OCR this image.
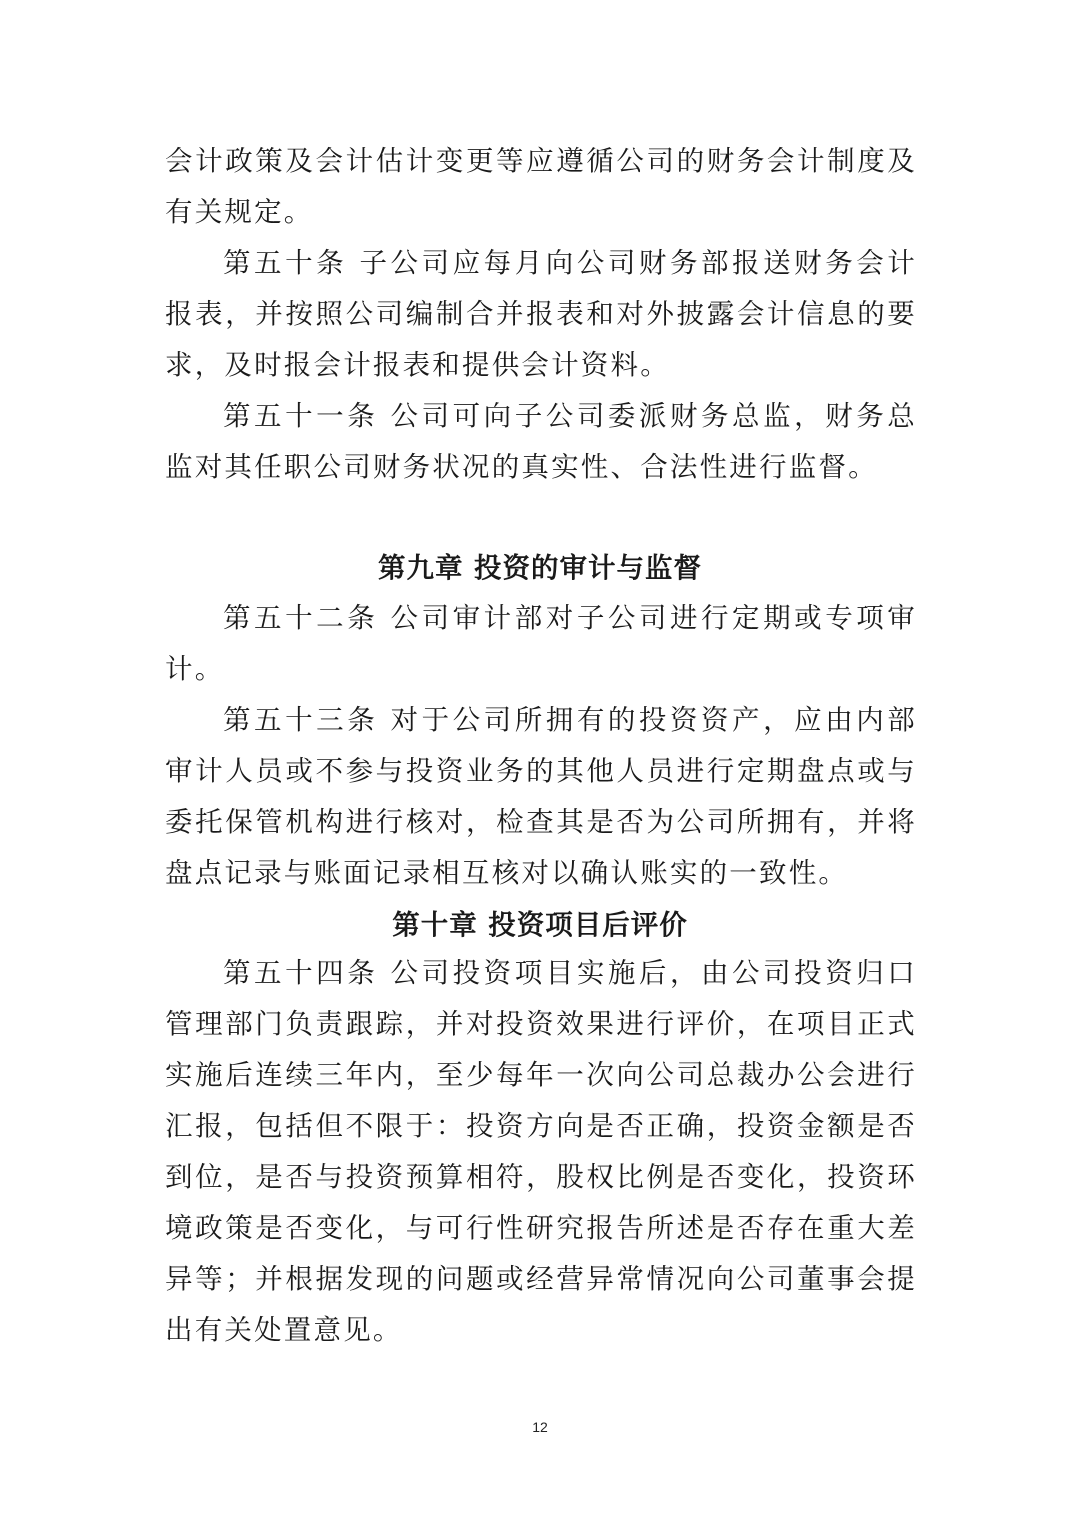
会计政策及会计估计变更等应遵循公司的财务会计制度及有关规定。

第五十条 子公司应每月向公司财务部报送财务会计报表，并按照公司编制合并报表和对外披露会计信息的要求，及时报会计报表和提供会计资料。

第五十一条 公司可向子公司委派财务总监，财务总监对其任职公司财务状况的真实性、合法性进行监督。

第九章 投资的审计与监督

第五十二条 公司审计部对子公司进行定期或专项审计。

第五十三条 对于公司所拥有的投资资产，应由内部审计人员或不参与投资业务的其他人员进行定期盘点或与委托保管机构进行核对，检查其是否为公司所拥有，并将盘点记录与账面记录相互核对以确认账实的一致性。

第十章 投资项目后评价

第五十四条 公司投资项目实施后，由公司投资归口管理部门负责跟踪，并对投资效果进行评价，在项目正式实施后连续三年内，至少每年一次向公司总裁办公会进行汇报，包括但不限于：投资方向是否正确，投资金额是否到位，是否与投资预算相符，股权比例是否变化，投资环境政策是否变化，与可行性研究报告所述是否存在重大差异等；并根据发现的问题或经营异常情况向公司董事会提出有关处置意见。

12
